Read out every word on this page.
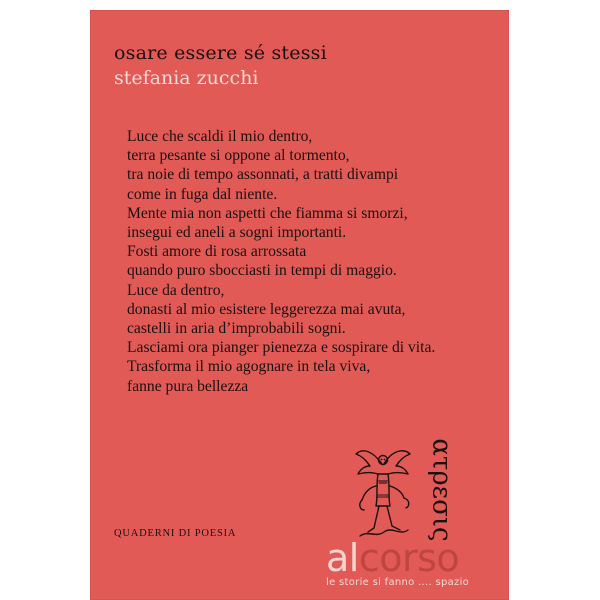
osare essere sé stessi
stefania zucchi
Luce che scaldi il mio dentro,
terra pesante si oppone al tormento,
tra noie di tempo assonnati, a tratti divampi
come in fuga dal niente.
Mente mia non aspetti che fiamma si smorzi,
insegui ed aneli a sogni importanti.
Fosti amore di rosa arrossata
quando puro sbocciasti in tempi di maggio.
Luce da dentro,
donasti al mio esistere leggerezza mai avuta,
castelli in aria d’improbabili sogni.
Lasciami ora pianger pienezza e sospirare di vita.
Trasforma il mio agognare in tela viva,
fanne pura bellezza
QUADERNI DI POESIA	ατρεσις
alcorso
le storie si fanno .... spazio
